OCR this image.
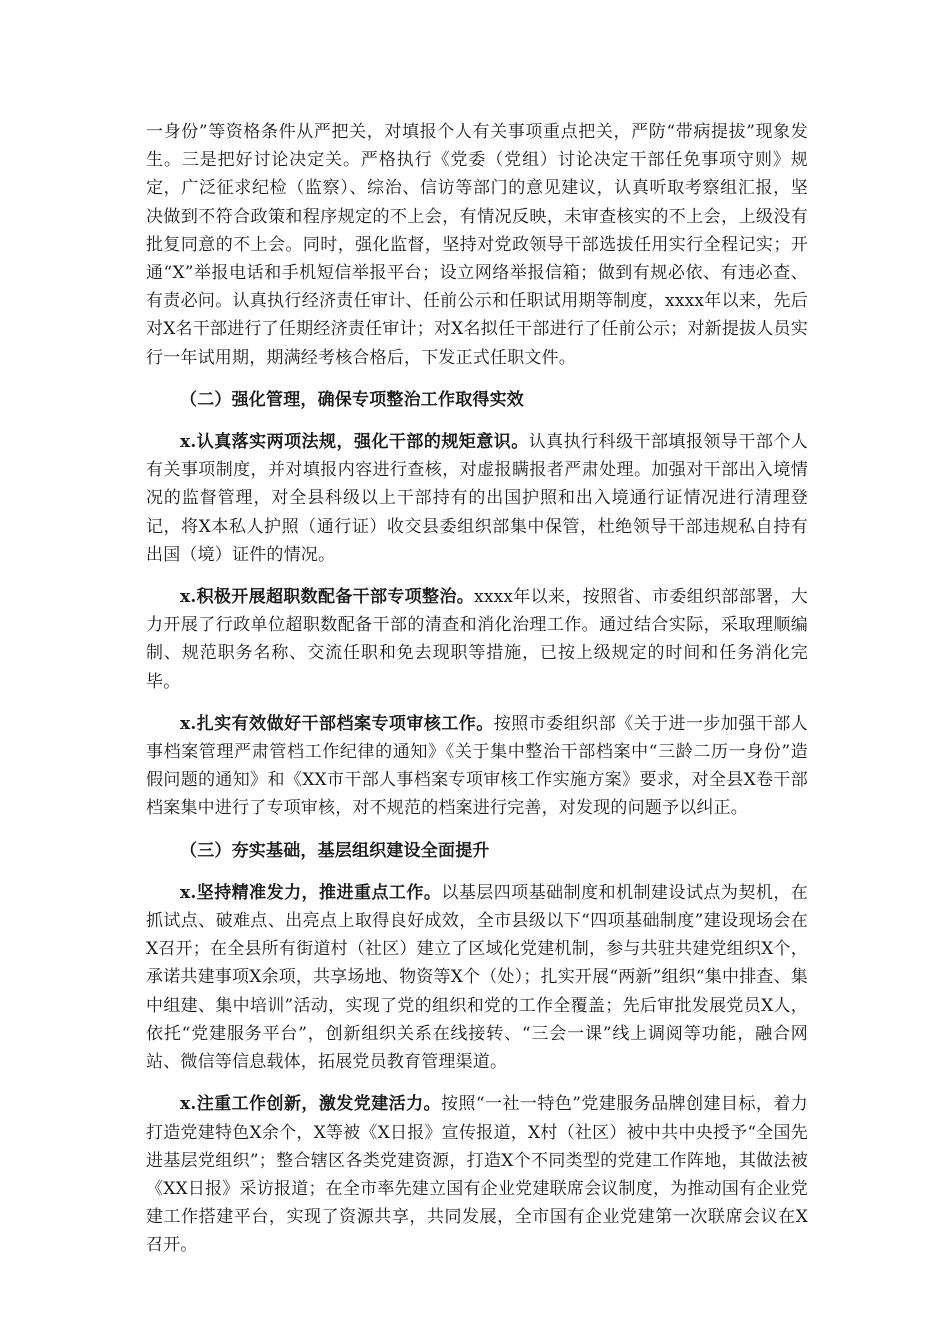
一身份”等资格条件从严把关，对填报个人有关事项重点把关，严防“带病提拔”现象发生。三是把好讨论决定关。严格执行《党委（党组）讨论决定干部任免事项守则》规定，广泛征求纪检（监察）、综治、信访等部门的意见建议，认真听取考察组汇报，坚决做到不符合政策和程序规定的不上会，有情况反映，未审查核实的不上会，上级没有批复同意的不上会。同时，强化监督，坚持对党政领导干部选拔任用实行全程记实；开通“X”举报电话和手机短信举报平台；设立网络举报信箱；做到有规必依、有违必查、有责必问。认真执行经济责任审计、任前公示和任职试用期等制度，xxxx年以来，先后对X名干部进行了任期经济责任审计；对X名拟任干部进行了任前公示；对新提拔人员实行一年试用期，期满经考核合格后，下发正式任职文件。

（二）强化管理，确保专项整治工作取得实效

x.认真落实两项法规，强化干部的规矩意识。认真执行科级干部填报领导干部个人有关事项制度，并对填报内容进行查核，对虚报瞒报者严肃处理。加强对干部出入境情况的监督管理，对全县科级以上干部持有的出国护照和出入境通行证情况进行清理登记，将X本私人护照（通行证）收交县委组织部集中保管，杜绝领导干部违规私自持有出国（境）证件的情况。

x.积极开展超职数配备干部专项整治。xxxx年以来，按照省、市委组织部部署，大力开展了行政单位超职数配备干部的清查和消化治理工作。通过结合实际，采取理顺编制、规范职务名称、交流任职和免去现职等措施，已按上级规定的时间和任务消化完毕。

x.扎实有效做好干部档案专项审核工作。按照市委组织部《关于进一步加强干部人事档案管理严肃管档工作纪律的通知》《关于集中整治干部档案中“三龄二历一身份”造假问题的通知》和《XX市干部人事档案专项审核工作实施方案》要求，对全县X卷干部档案集中进行了专项审核，对不规范的档案进行完善，对发现的问题予以纠正。

（三）夯实基础，基层组织建设全面提升

x.坚持精准发力，推进重点工作。以基层四项基础制度和机制建设试点为契机，在抓试点、破难点、出亮点上取得良好成效，全市县级以下“四项基础制度”建设现场会在X召开；在全县所有街道村（社区）建立了区域化党建机制，参与共驻共建党组织X个，承诺共建事项X余项，共享场地、物资等X个（处）；扎实开展“两新”组织“集中排查、集中组建、集中培训”活动，实现了党的组织和党的工作全覆盖；先后审批发展党员X人，依托“党建服务平台”，创新组织关系在线接转、“三会一课”线上调阅等功能，融合网站、微信等信息载体，拓展党员教育管理渠道。

x.注重工作创新，激发党建活力。按照“一社一特色”党建服务品牌创建目标，着力打造党建特色X余个，X等被《X日报》宣传报道，X村（社区）被中共中央授予“全国先进基层党组织”；整合辖区各类党建资源，打造X个不同类型的党建工作阵地，其做法被《XX日报》采访报道；在全市率先建立国有企业党建联席会议制度，为推动国有企业党建工作搭建平台，实现了资源共享，共同发展，全市国有企业党建第一次联席会议在X召开。
